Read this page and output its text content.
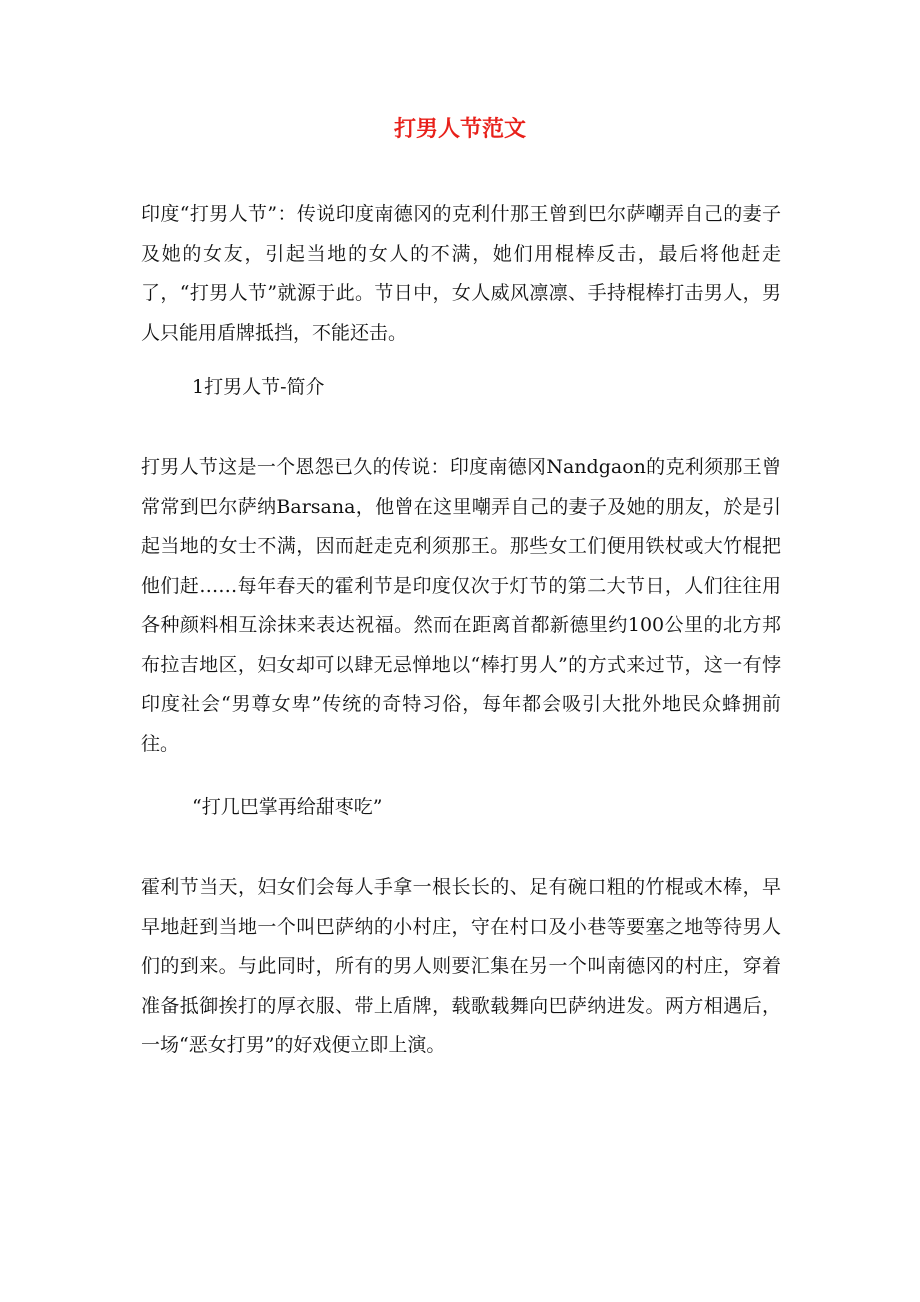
打男人节范文

印度“打男人节”：传说印度南德冈的克利什那王曾到巴尔萨嘲弄自己的妻子及她的女友，引起当地的女人的不满，她们用棍棒反击，最后将他赶走了，“打男人节”就源于此。节日中，女人威风凛凛、手持棍棒打击男人，男人只能用盾牌抵挡，不能还击。

1打男人节-简介

打男人节这是一个恩怨已久的传说：印度南德冈Nandgaon的克利须那王曾常常到巴尔萨纳Barsana，他曾在这里嘲弄自己的妻子及她的朋友，於是引起当地的女士不满，因而赶走克利须那王。那些女工们便用铁杖或大竹棍把他们赶……每年春天的霍利节是印度仅次于灯节的第二大节日，人们往往用各种颜料相互涂抹来表达祝福。然而在距离首都新德里约100公里的北方邦布拉吉地区，妇女却可以肆无忌惮地以“棒打男人”的方式来过节，这一有悖印度社会“男尊女卑”传统的奇特习俗，每年都会吸引大批外地民众蜂拥前往。

“打几巴掌再给甜枣吃”

霍利节当天，妇女们会每人手拿一根长长的、足有碗口粗的竹棍或木棒，早早地赶到当地一个叫巴萨纳的小村庄，守在村口及小巷等要塞之地等待男人们的到来。与此同时，所有的男人则要汇集在另一个叫南德冈的村庄，穿着准备抵御挨打的厚衣服、带上盾牌，载歌载舞向巴萨纳进发。两方相遇后，一场“恶女打男”的好戏便立即上演。
